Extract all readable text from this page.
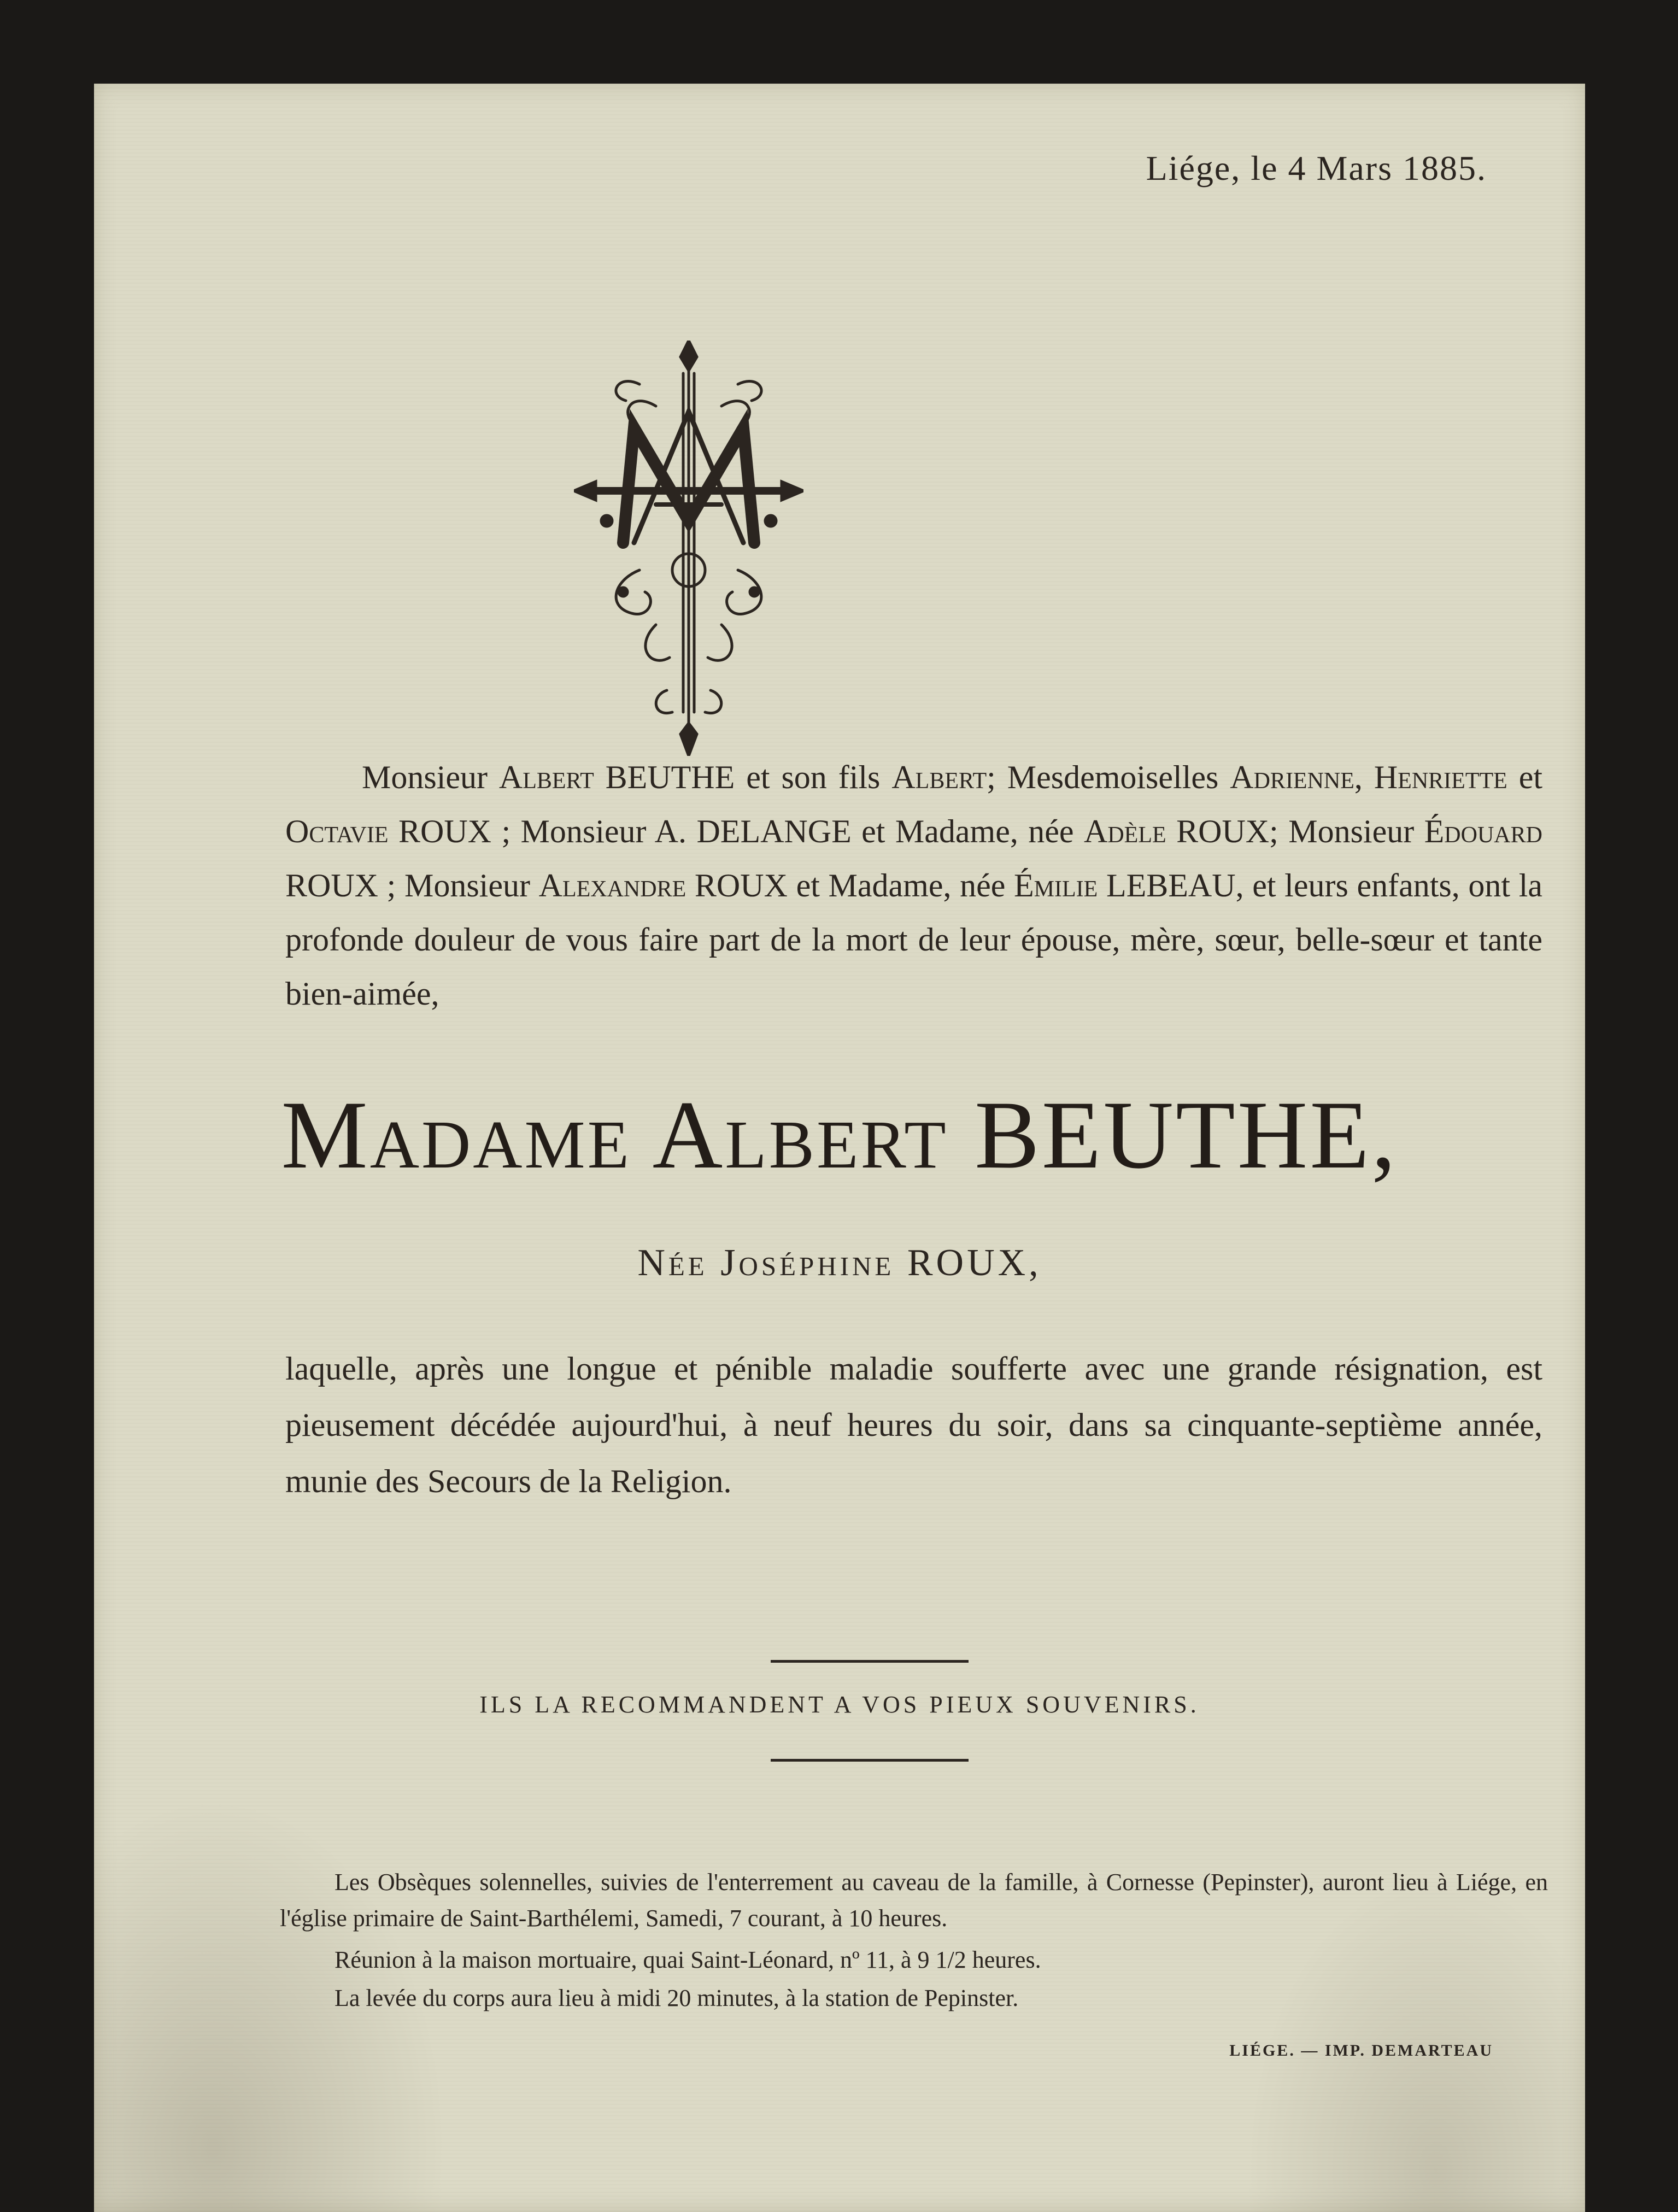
Liége, le 4 Mars 1885.

Monsieur Albert BEUTHE et son fils Albert; Mesdemoiselles Adrienne, Henriette et Octavie ROUX ; Monsieur A. DELANGE et Madame, née Adèle ROUX; Monsieur Édouard ROUX ; Monsieur Alexandre ROUX et Madame, née Émilie LEBEAU, et leurs enfants, ont la profonde douleur de vous faire part de la mort de leur épouse, mère, sœur, belle-sœur et tante bien-aimée,

Madame Albert BEUTHE,
Née Joséphine ROUX,

laquelle, après une longue et pénible maladie soufferte avec une grande résignation, est pieusement décédée aujourd'hui, à neuf heures du soir, dans sa cinquante-septième année, munie des Secours de la Religion.

ILS LA RECOMMANDENT A VOS PIEUX SOUVENIRS.

Les Obsèques solennelles, suivies de l'enterrement au caveau de la famille, à Cornesse (Pepinster), auront lieu à Liége, en l'église primaire de Saint-Barthélemi, Samedi, 7 courant, à 10 heures.

Réunion à la maison mortuaire, quai Saint-Léonard, nº 11, à 9 1/2 heures.

La levée du corps aura lieu à midi 20 minutes, à la station de Pepinster.

LIÉGE. — IMP. DEMARTEAU
